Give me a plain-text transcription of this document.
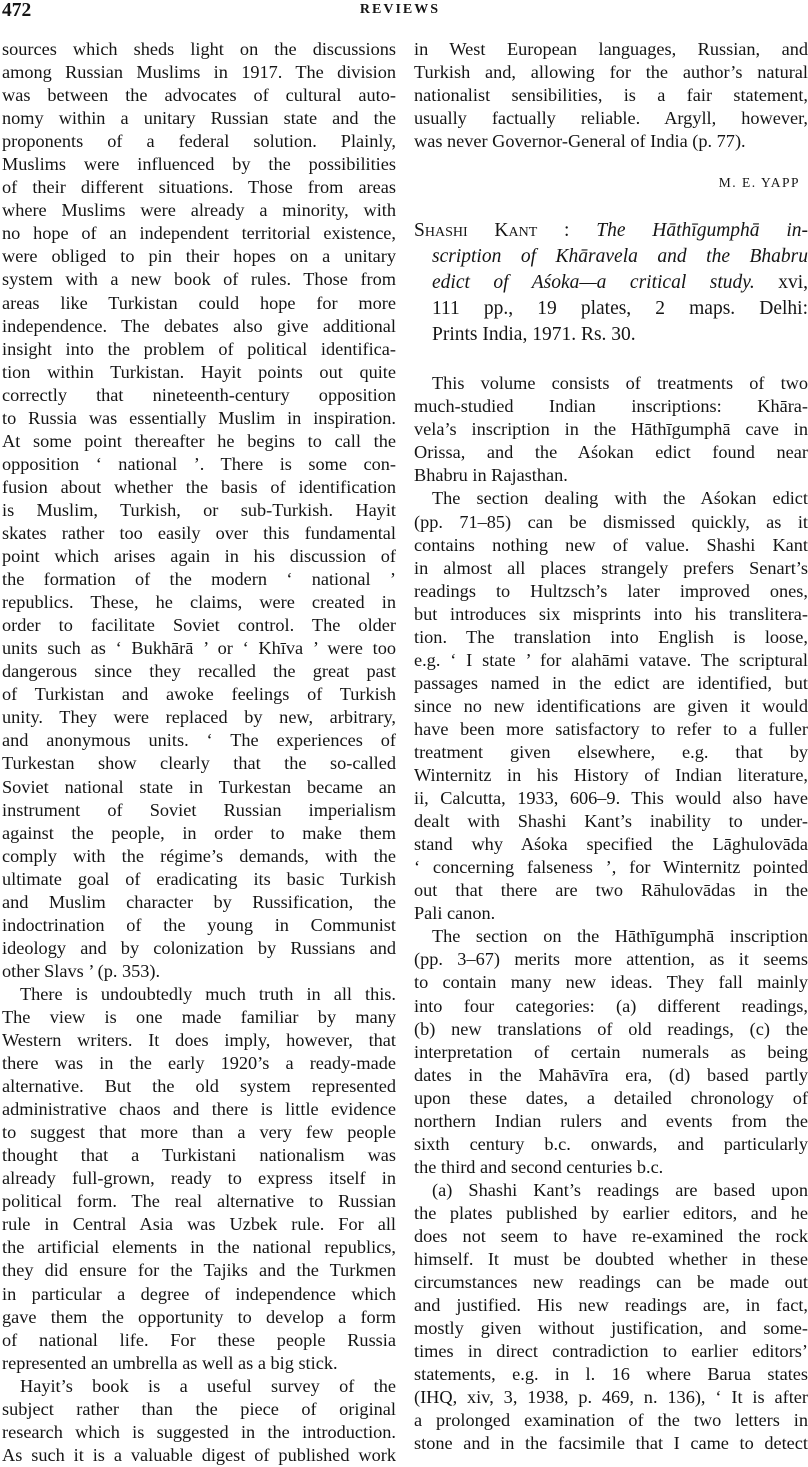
472	REVIEWS
sources which sheds light on the discussions
among Russian Muslims in 1917. The division
was between the advocates of cultural auto-
nomy within a unitary Russian state and the
proponents of a federal solution. Plainly,
Muslims were influenced by the possibilities
of their different situations. Those from areas
where Muslims were already a minority, with
no hope of an independent territorial existence,
were obliged to pin their hopes on a unitary
system with a new book of rules. Those from
areas like Turkistan could hope for more
independence. The debates also give additional
insight into the problem of political identifica-
tion within Turkistan. Hayit points out quite
correctly that nineteenth-century opposition
to Russia was essentially Muslim in inspiration.
At some point thereafter he begins to call the
opposition ‘ national ’. There is some con-
fusion about whether the basis of identification
is Muslim, Turkish, or sub-Turkish. Hayit
skates rather too easily over this fundamental
point which arises again in his discussion of
the formation of the modern ‘ national ’
republics. These, he claims, were created in
order to facilitate Soviet control. The older
units such as ‘ Bukhārā ’ or ‘ Khīva ’ were too
dangerous since they recalled the great past
of Turkistan and awoke feelings of Turkish
unity. They were replaced by new, arbitrary,
and anonymous units. ‘ The experiences of
Turkestan show clearly that the so-called
Soviet national state in Turkestan became an
instrument of Soviet Russian imperialism
against the people, in order to make them
comply with the régime’s demands, with the
ultimate goal of eradicating its basic Turkish
and Muslim character by Russification, the
indoctrination of the young in Communist
ideology and by colonization by Russians and
other Slavs ’ (p. 353).
There is undoubtedly much truth in all this.
The view is one made familiar by many
Western writers. It does imply, however, that
there was in the early 1920’s a ready-made
alternative. But the old system represented
administrative chaos and there is little evidence
to suggest that more than a very few people
thought that a Turkistani nationalism was
already full-grown, ready to express itself in
political form. The real alternative to Russian
rule in Central Asia was Uzbek rule. For all
the artificial elements in the national republics,
they did ensure for the Tajiks and the Turkmen
in particular a degree of independence which
gave them the opportunity to develop a form
of national life. For these people Russia
represented an umbrella as well as a big stick.
Hayit’s book is a useful survey of the
subject rather than the piece of original
research which is suggested in the introduction.
As such it is a valuable digest of published work
in West European languages, Russian, and
Turkish and, allowing for the author’s natural
nationalist sensibilities, is a fair statement,
usually factually reliable. Argyll, however,
was never Governor-General of India (p. 77).
M. E. YAPP
Shashi Kant : The Hāthīgumphā in-
scription of Khāravela and the Bhabru
edict of Aśoka—a critical study. xvi,
111 pp., 19 plates, 2 maps. Delhi:
Prints India, 1971. Rs. 30.
This volume consists of treatments of two
much-studied Indian inscriptions: Khāra-
vela’s inscription in the Hāthīgumphā cave in
Orissa, and the Aśokan edict found near
Bhabru in Rajasthan.
The section dealing with the Aśokan edict
(pp. 71–85) can be dismissed quickly, as it
contains nothing new of value. Shashi Kant
in almost all places strangely prefers Senart’s
readings to Hultzsch’s later improved ones,
but introduces six misprints into his translitera-
tion. The translation into English is loose,
e.g. ‘ I state ’ for alahāmi vatave. The scriptural
passages named in the edict are identified, but
since no new identifications are given it would
have been more satisfactory to refer to a fuller
treatment given elsewhere, e.g. that by
Winternitz in his History of Indian literature,
ii, Calcutta, 1933, 606–9. This would also have
dealt with Shashi Kant’s inability to under-
stand why Aśoka specified the Lāghulovāda
‘ concerning falseness ’, for Winternitz pointed
out that there are two Rāhulovādas in the
Pali canon.
The section on the Hāthīgumphā inscription
(pp. 3–67) merits more attention, as it seems
to contain many new ideas. They fall mainly
into four categories: (a) different readings,
(b) new translations of old readings, (c) the
interpretation of certain numerals as being
dates in the Mahāvīra era, (d) based partly
upon these dates, a detailed chronology of
northern Indian rulers and events from the
sixth century b.c. onwards, and particularly
the third and second centuries b.c.
(a) Shashi Kant’s readings are based upon
the plates published by earlier editors, and he
does not seem to have re-examined the rock
himself. It must be doubted whether in these
circumstances new readings can be made out
and justified. His new readings are, in fact,
mostly given without justification, and some-
times in direct contradiction to earlier editors’
statements, e.g. in l. 16 where Barua states
(IHQ, xiv, 3, 1938, p. 469, n. 136), ‘ It is after
a prolonged examination of the two letters in
stone and in the facsimile that I came to detect
